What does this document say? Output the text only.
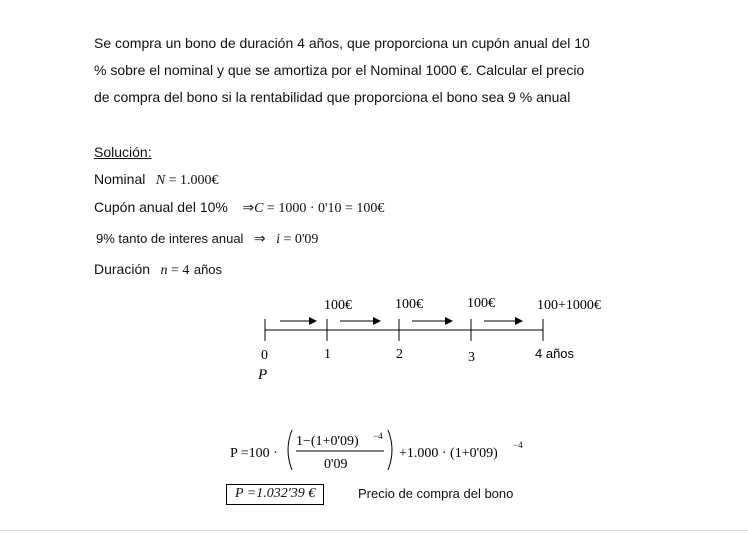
Se compra un bono de duración 4 años, que proporciona un cupón anual del 10
% sobre el nominal y que se amortiza por el Nominal 1000 €. Calcular el precio
de compra del bono si la rentabilidad que proporciona el bono sea 9 % anual
Solución:
Nominal N = 1.000€
Cupón anual del 10% ⇒C = 1000 · 0'10 = 100€
9% tanto de interes anual ⇒ i = 0'09
Duración n = 4 años
100€	100€	100€	100+1000€
0	1	2	3	4 años
P
P =100 ·
1−(1+0'09) −4
0'09
+1.000 · (1+0'09)
−4
P =1.032'39 €	Precio de compra del bono
